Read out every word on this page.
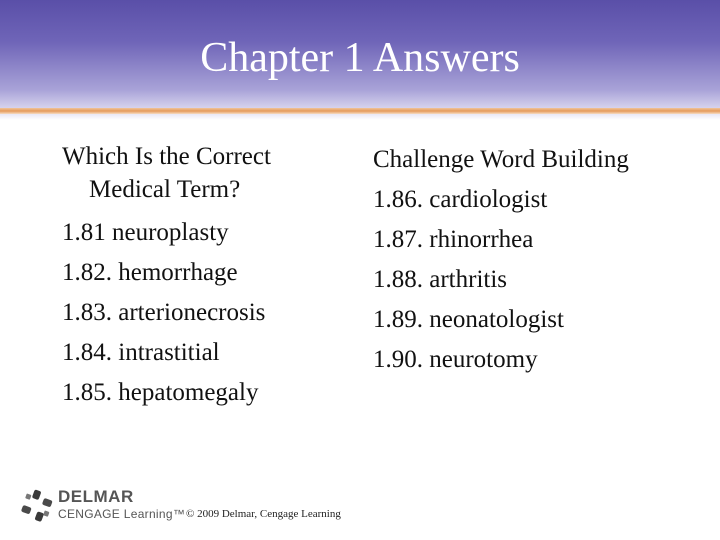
Chapter 1 Answers
Which Is the Correct Medical Term?
1.81 neuroplasty
1.82. hemorrhage
1.83. arterionecrosis
1.84. intrastitial
1.85. hepatomegaly
Challenge Word Building
1.86. cardiologist
1.87. rhinorrhea
1.88. arthritis
1.89. neonatologist
1.90. neurotomy
DELMAR
CENGAGE Learning™ © 2009 Delmar, Cengage Learning
